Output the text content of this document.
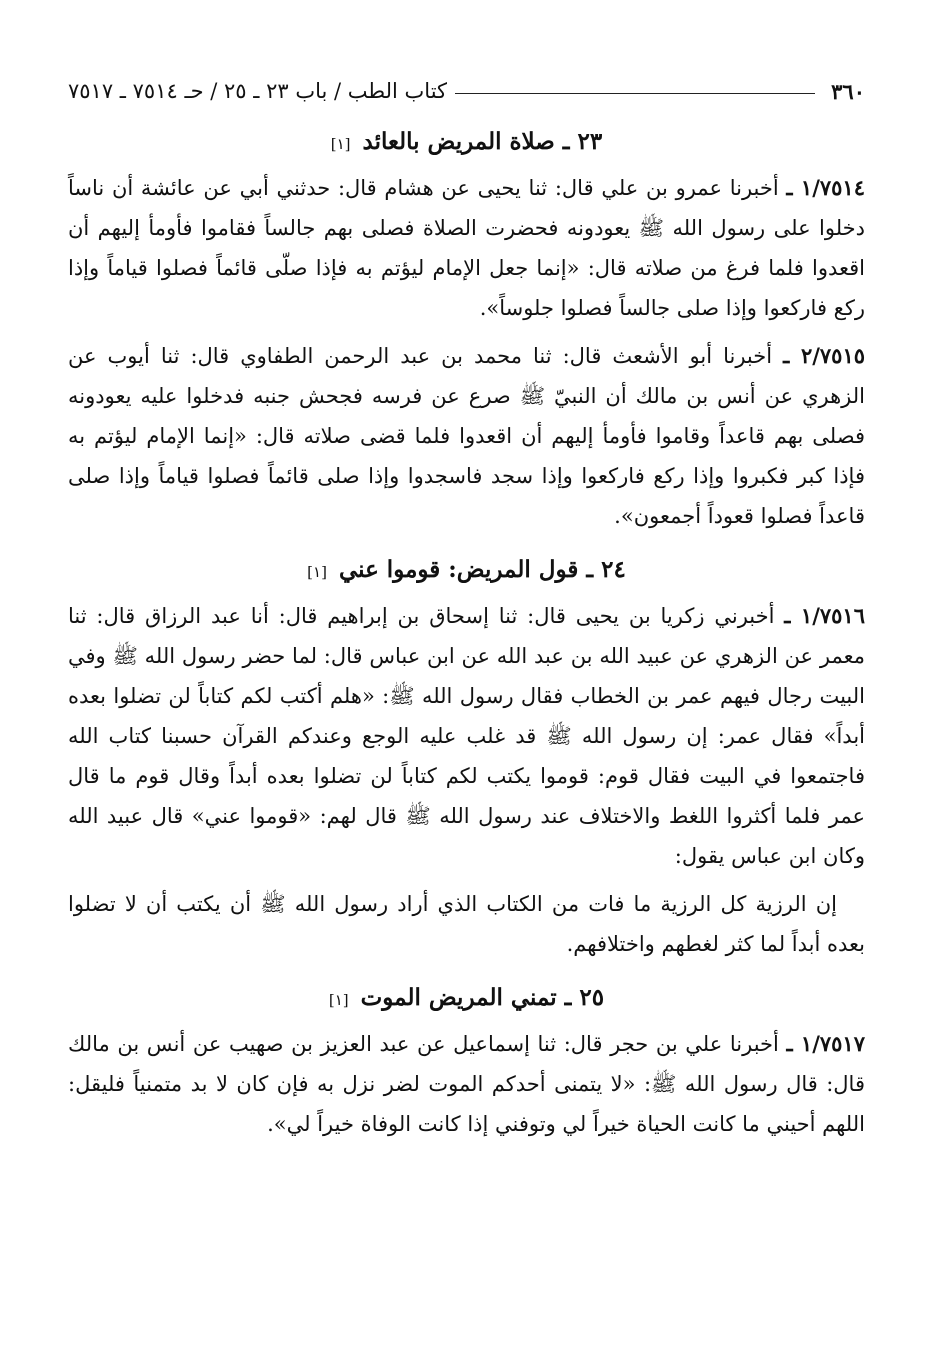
٣٦٠
كتاب الطب / باب ٢٣ ـ ٢٥ / حـ ٧٥١٤ ـ ٧٥١٧
٢٣ ـ صلاة المريض بالعائد [١]

١/٧٥١٤ ـ أخبرنا عمرو بن علي قال: ثنا يحيى عن هشام قال: حدثني أبي عن عائشة أن ناساً دخلوا على رسول الله ﷺ يعودونه فحضرت الصلاة فصلى بهم جالساً فقاموا فأومأ إليهم أن اقعدوا فلما فرغ من صلاته قال: «إنما جعل الإمام ليؤتم به فإذا صلّى قائماً فصلوا قياماً وإذا ركع فاركعوا وإذا صلى جالساً فصلوا جلوساً».

٢/٧٥١٥ ـ أخبرنا أبو الأشعث قال: ثنا محمد بن عبد الرحمن الطفاوي قال: ثنا أيوب عن الزهري عن أنس بن مالك أن النبيّ ﷺ صرع عن فرسه فجحش جنبه فدخلوا عليه يعودونه فصلى بهم قاعداً وقاموا فأومأ إليهم أن اقعدوا فلما قضى صلاته قال: «إنما الإمام ليؤتم به فإذا كبر فكبروا وإذا ركع فاركعوا وإذا سجد فاسجدوا وإذا صلى قائماً فصلوا قياماً وإذا صلى قاعداً فصلوا قعوداً أجمعون».

٢٤ ـ قول المريض: قوموا عني [١]

١/٧٥١٦ ـ أخبرني زكريا بن يحيى قال: ثنا إسحاق بن إبراهيم قال: أنا عبد الرزاق قال: ثنا معمر عن الزهري عن عبيد الله بن عبد الله عن ابن عباس قال: لما حضر رسول الله ﷺ وفي البيت رجال فيهم عمر بن الخطاب فقال رسول الله ﷺ: «هلم أكتب لكم كتاباً لن تضلوا بعده أبداً» فقال عمر: إن رسول الله ﷺ قد غلب عليه الوجع وعندكم القرآن حسبنا كتاب الله فاجتمعوا في البيت فقال قوم: قوموا يكتب لكم كتاباً لن تضلوا بعده أبداً وقال قوم ما قال عمر فلما أكثروا اللغط والاختلاف عند رسول الله ﷺ قال لهم: «قوموا عني» قال عبيد الله وكان ابن عباس يقول:

إن الرزية كل الرزية ما فات من الكتاب الذي أراد رسول الله ﷺ أن يكتب أن لا تضلوا بعده أبداً لما كثر لغطهم واختلافهم.

٢٥ ـ تمني المريض الموت [١]

١/٧٥١٧ ـ أخبرنا علي بن حجر قال: ثنا إسماعيل عن عبد العزيز بن صهيب عن أنس بن مالك قال: قال رسول الله ﷺ: «لا يتمنى أحدكم الموت لضر نزل به فإن كان لا بد متمنياً فليقل: اللهم أحيني ما كانت الحياة خيراً لي وتوفني إذا كانت الوفاة خيراً لي».
